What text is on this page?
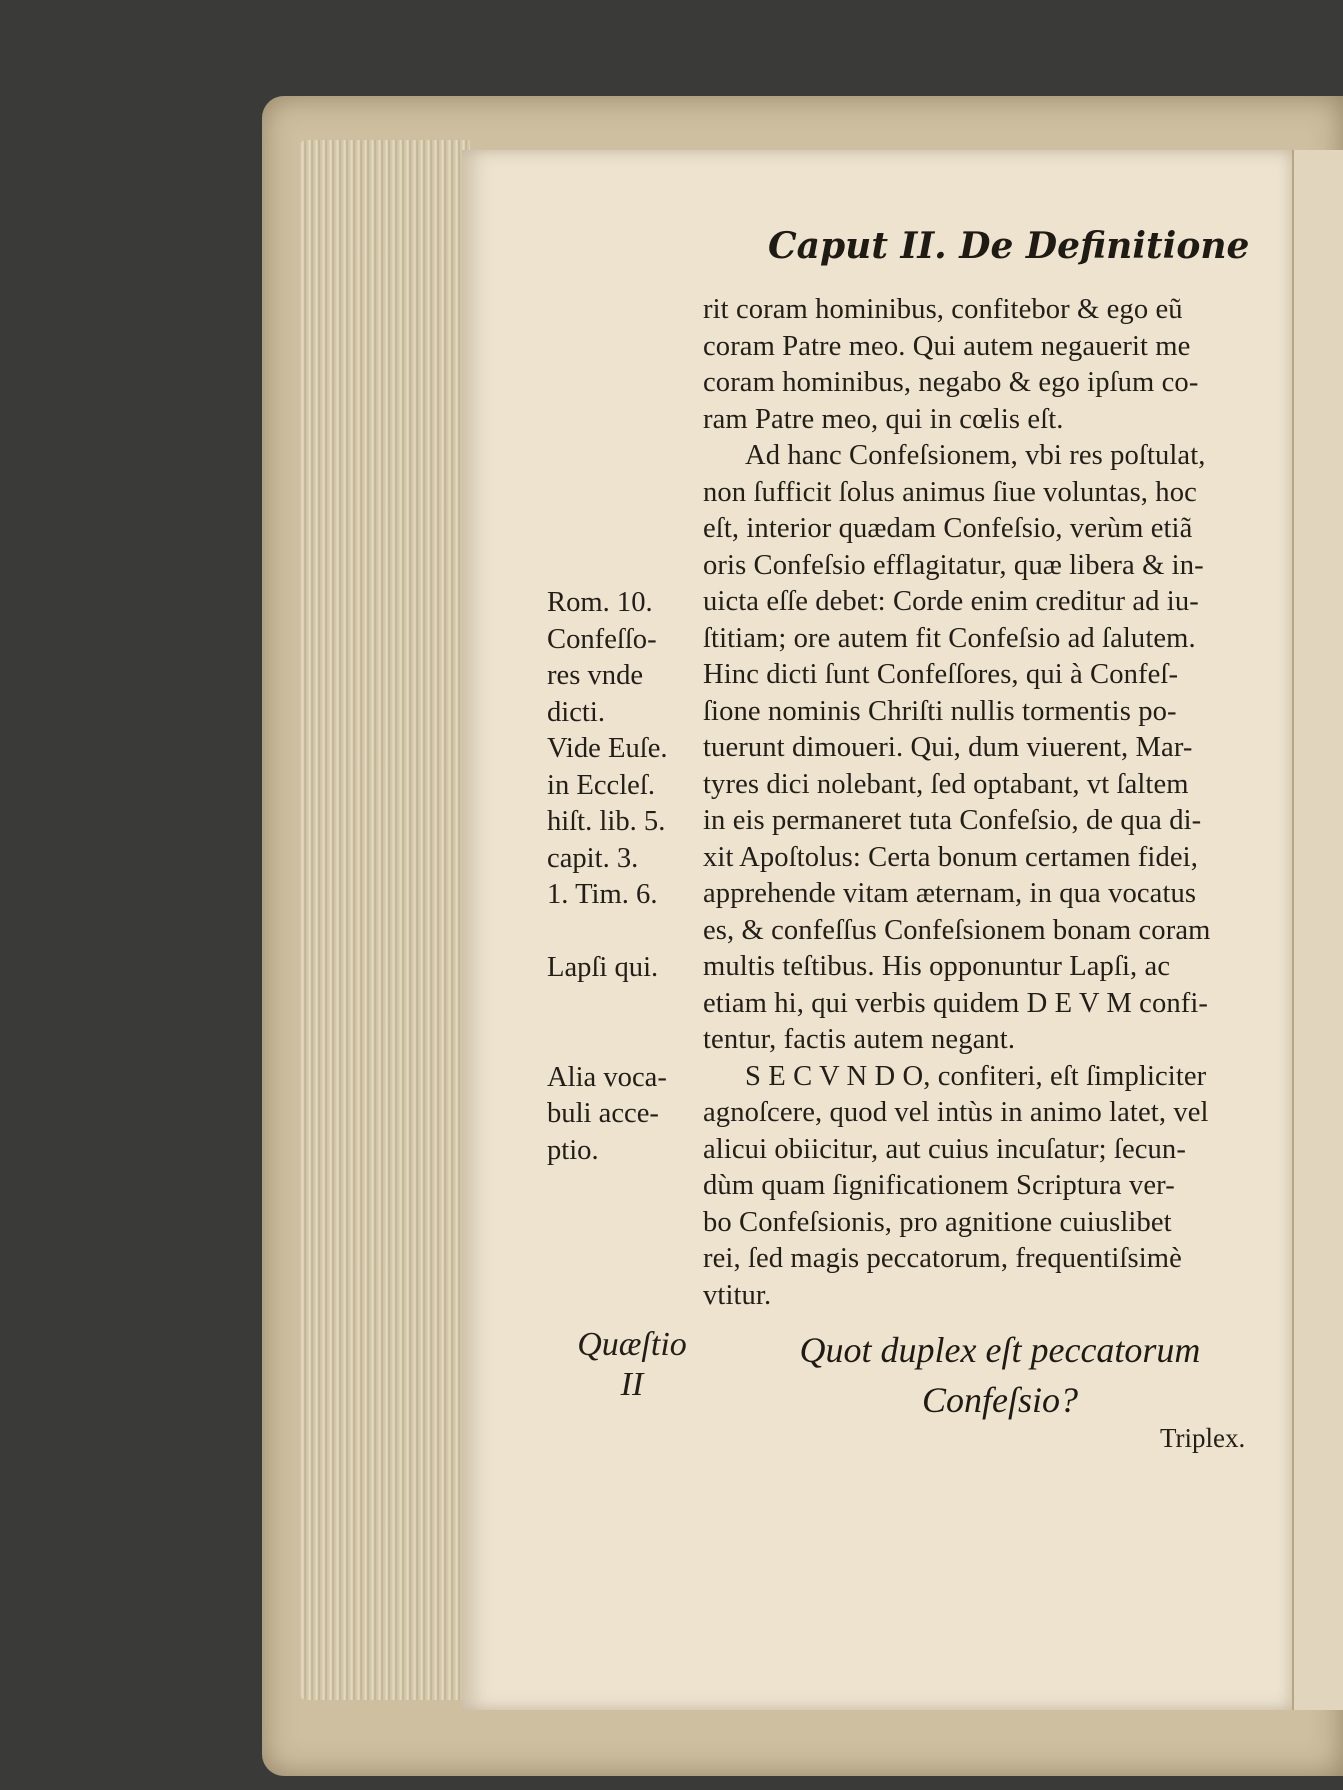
Caput II. De Definitione
rit coram hominibus, confitebor & ego eũ
coram Patre meo. Qui autem negauerit me
coram hominibus, negabo & ego ipſum co-
ram Patre meo, qui in cœlis eſt.
Ad hanc Confeſsionem, vbi res poſtulat,
non ſufficit ſolus animus ſiue voluntas, hoc
eſt, interior quædam Confeſsio, verùm etiã
oris Confeſsio efflagitatur, quæ libera & in-
uicta eſſe debet: Corde enim creditur ad iu-
ſtitiam; ore autem fit Confeſsio ad ſalutem.
Hinc dicti ſunt Confeſſores, qui à Confeſ-
ſione nominis Chriſti nullis tormentis po-
tuerunt dimoueri. Qui, dum viuerent, Mar-
tyres dici nolebant, ſed optabant, vt ſaltem
in eis permaneret tuta Confeſsio, de qua di-
xit Apoſtolus: Certa bonum certamen fidei,
apprehende vitam æternam, in qua vocatus
es, & confeſſus Confeſsionem bonam coram
multis teſtibus. His opponuntur Lapſi, ac
etiam hi, qui verbis quidem D E V M confi-
tentur, factis autem negant.
S E C V N D O, confiteri, eſt ſimpliciter
agnoſcere, quod vel intùs in animo latet, vel
alicui obiicitur, aut cuius incuſatur; ſecun-
dùm quam ſignificationem Scriptura ver-
bo Confeſsionis, pro agnitione cuiuslibet
rei, ſed magis peccatorum, frequentiſsimè
vtitur.
Rom. 10.
Confeſſo-
res vnde
dicti.
Vide Euſe.
in Eccleſ.
hiſt. lib. 5.
capit. 3.
1. Tim. 6.
Lapſi qui.
Alia voca-
buli acce-
ptio.
Quæſtio
II
Quot duplex eſt peccatorum
Confeſsio?
Triplex.
